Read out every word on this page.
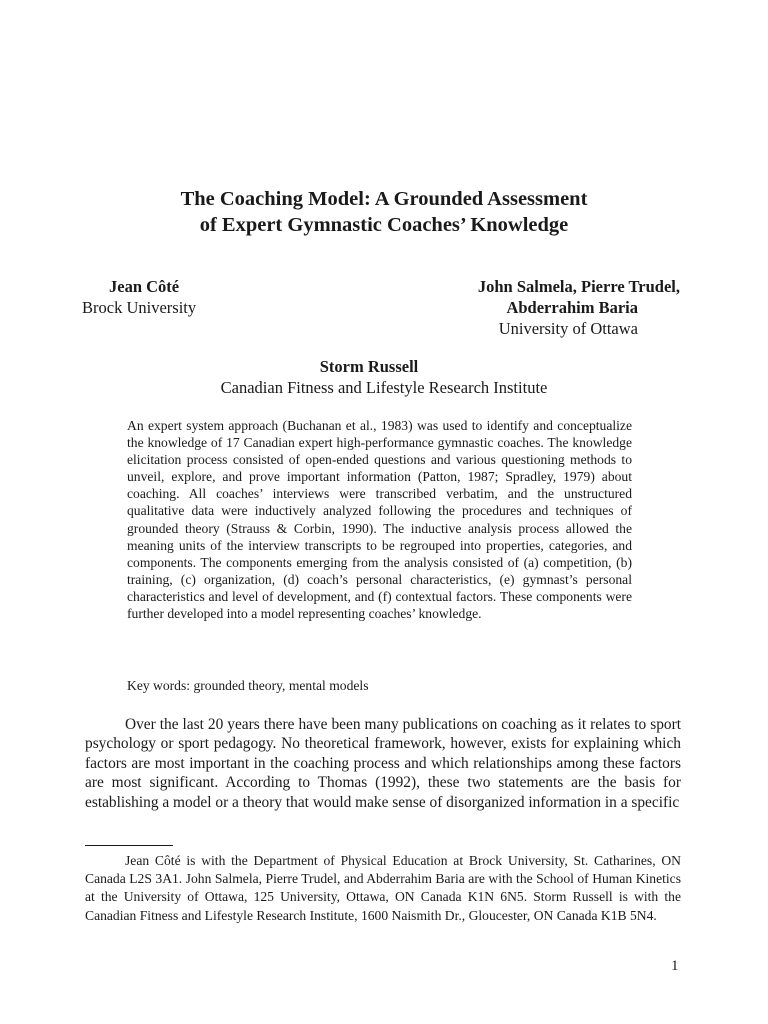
The Coaching Model: A Grounded Assessment
of Expert Gymnastic Coaches’ Knowledge
Jean Côté
Brock University
John Salmela, Pierre Trudel,
Abderrahim Baria
University of Ottawa
Storm Russell
Canadian Fitness and Lifestyle Research Institute

An expert system approach (Buchanan et al., 1983) was used to identify and conceptualize the knowledge of 17 Canadian expert high-performance gymnastic coaches. The knowledge elicitation process consisted of open-ended questions and various questioning methods to unveil, explore, and prove important information (Patton, 1987; Spradley, 1979) about coaching. All coaches’ interviews were transcribed verbatim, and the unstructured qualitative data were inductively analyzed following the procedures and techniques of grounded theory (Strauss & Corbin, 1990). The inductive analysis process allowed the meaning units of the interview transcripts to be regrouped into properties, categories, and components. The components emerging from the analysis consisted of (a) competition, (b) training, (c) organization, (d) coach’s personal characteristics, (e) gymnast’s personal characteristics and level of development, and (f) contextual factors. These components were further developed into a model representing coaches’ knowledge.

Key words: grounded theory, mental models

Over the last 20 years there have been many publications on coaching as it relates to sport psychology or sport pedagogy. No theoretical framework, however, exists for explaining which factors are most important in the coaching process and which relationships among these factors are most significant. According to Thomas (1992), these two statements are the basis for establishing a model or a theory that would make sense of disorganized information in a specific

Jean Côté is with the Department of Physical Education at Brock University, St. Catharines, ON Canada L2S 3A1. John Salmela, Pierre Trudel, and Abderrahim Baria are with the School of Human Kinetics at the University of Ottawa, 125 University, Ottawa, ON Canada K1N 6N5. Storm Russell is with the Canadian Fitness and Lifestyle Research Institute, 1600 Naismith Dr., Gloucester, ON Canada K1B 5N4.

1
